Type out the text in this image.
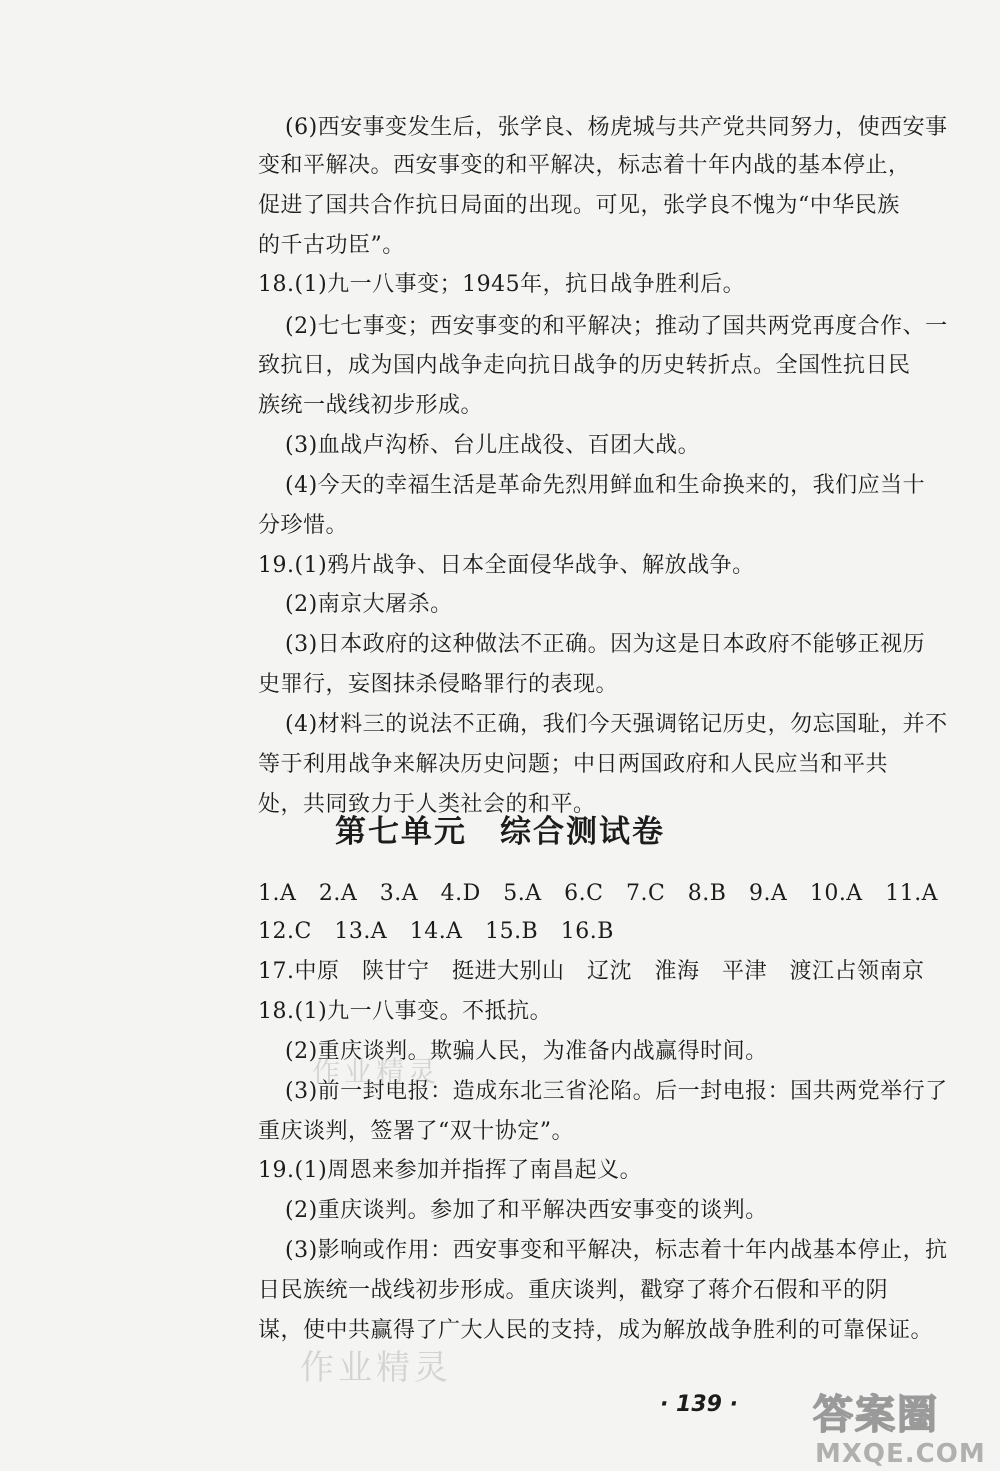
(6)西安事变发生后，张学良、杨虎城与共产党共同努力，使西安事
变和平解决。西安事变的和平解决，标志着十年内战的基本停止，
促进了国共合作抗日局面的出现。可见，张学良不愧为“中华民族
的千古功臣”。
18.(1)九一八事变；1945年，抗日战争胜利后。
(2)七七事变；西安事变的和平解决；推动了国共两党再度合作、一
致抗日，成为国内战争走向抗日战争的历史转折点。全国性抗日民
族统一战线初步形成。
(3)血战卢沟桥、台儿庄战役、百团大战。
(4)今天的幸福生活是革命先烈用鲜血和生命换来的，我们应当十
分珍惜。
19.(1)鸦片战争、日本全面侵华战争、解放战争。
(2)南京大屠杀。
(3)日本政府的这种做法不正确。因为这是日本政府不能够正视历
史罪行，妄图抹杀侵略罪行的表现。
(4)材料三的说法不正确，我们今天强调铭记历史，勿忘国耻，并不
等于利用战争来解决历史问题；中日两国政府和人民应当和平共
处，共同致力于人类社会的和平。
第七单元　综合测试卷
1.A　2.A　3.A　4.D　5.A　6.C　7.C　8.B　9.A　10.A　11.A
12.C　13.A　14.A　15.B　16.B
17.中原　陕甘宁　挺进大别山　辽沈　淮海　平津　渡江占领南京
18.(1)九一八事变。不抵抗。
(2)重庆谈判。欺骗人民，为准备内战赢得时间。
(3)前一封电报：造成东北三省沦陷。后一封电报：国共两党举行了
重庆谈判，签署了“双十协定”。
19.(1)周恩来参加并指挥了南昌起义。
(2)重庆谈判。参加了和平解决西安事变的谈判。
(3)影响或作用：西安事变和平解决，标志着十年内战基本停止，抗
日民族统一战线初步形成。重庆谈判，戳穿了蒋介石假和平的阴
谋，使中共赢得了广大人民的支持，成为解放战争胜利的可靠保证。
作业精灵
作业精灵
· 139 · 答案圈
MXQE.COM
